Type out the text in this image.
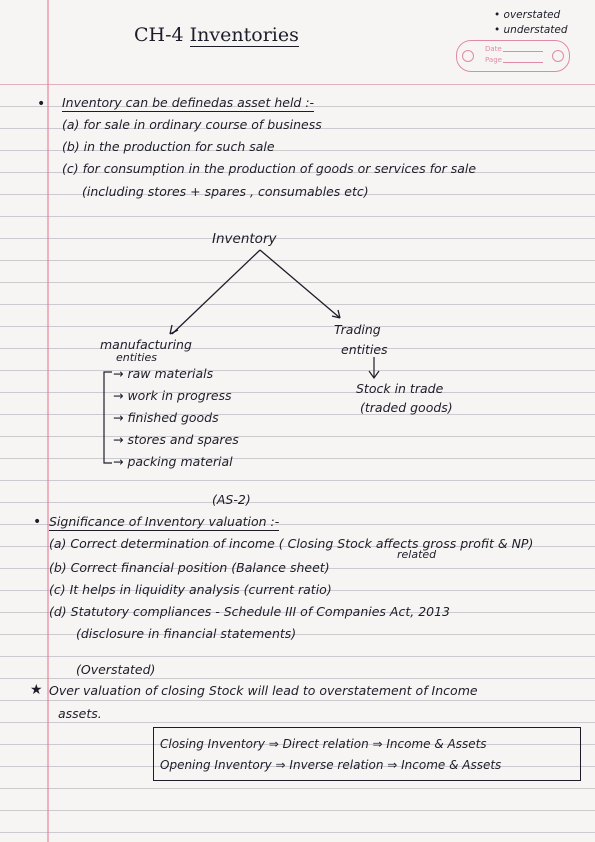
CH-4 Inventories
• overstated
• understated
Date
Page
• Inventory can be definedas asset held :-
(a) for sale in ordinary course of business
(b) in the production for such sale
(c) for consumption in the production of goods or services for sale
(including stores + spares , consumables etc)
Inventory
manufacturing
entities
Trading
entities
→ raw materials
→ work in progress
→ finished goods
→ stores and spares
→ packing material
Stock in trade
(traded goods)
(AS-2)
• Significance of Inventory valuation :-
(a) Correct determination of income ( Closing Stock affects gross profit & NP)
related
(b) Correct financial position (Balance sheet)
(c) It helps in liquidity analysis (current ratio)
(d) Statutory compliances - Schedule III of Companies Act, 2013
(disclosure in financial statements)
(Overstated)
★ Over valuation of closing Stock will lead to overstatement of Income
assets.
Closing Inventory ⇒ Direct relation ⇒ Income & Assets
Opening Inventory ⇒ Inverse relation ⇒ Income & Assets
